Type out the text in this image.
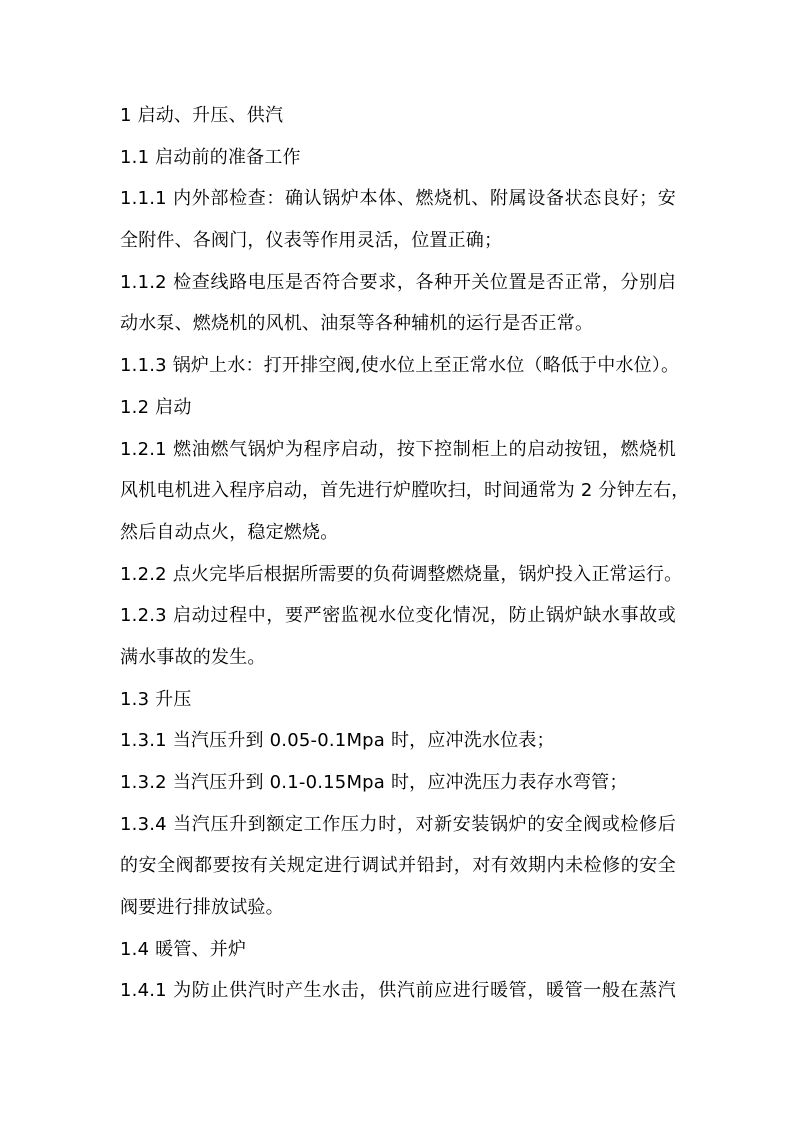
1 启动、升压、供汽
1.1 启动前的准备工作
1.1.1 内外部检查：确认锅炉本体、燃烧机、附属设备状态良好；安
全附件、各阀门，仪表等作用灵活，位置正确；
1.1.2 检查线路电压是否符合要求，各种开关位置是否正常，分别启
动水泵、燃烧机的风机、油泵等各种辅机的运行是否正常。
1.1.3 锅炉上水：打开排空阀,使水位上至正常水位（略低于中水位）。
1.2 启动
1.2.1 燃油燃气锅炉为程序启动，按下控制柜上的启动按钮，燃烧机
风机电机进入程序启动，首先进行炉膛吹扫，时间通常为 2 分钟左右，
然后自动点火，稳定燃烧。
1.2.2 点火完毕后根据所需要的负荷调整燃烧量，锅炉投入正常运行。
1.2.3 启动过程中，要严密监视水位变化情况，防止锅炉缺水事故或
满水事故的发生。
1.3 升压
1.3.1 当汽压升到 0.05-0.1Mpa 时，应冲洗水位表；
1.3.2 当汽压升到 0.1-0.15Mpa 时，应冲洗压力表存水弯管；
1.3.4 当汽压升到额定工作压力时，对新安装锅炉的安全阀或检修后
的安全阀都要按有关规定进行调试并铅封，对有效期内未检修的安全
阀要进行排放试验。
1.4 暖管、并炉
1.4.1 为防止供汽时产生水击，供汽前应进行暖管，暖管一般在蒸汽
